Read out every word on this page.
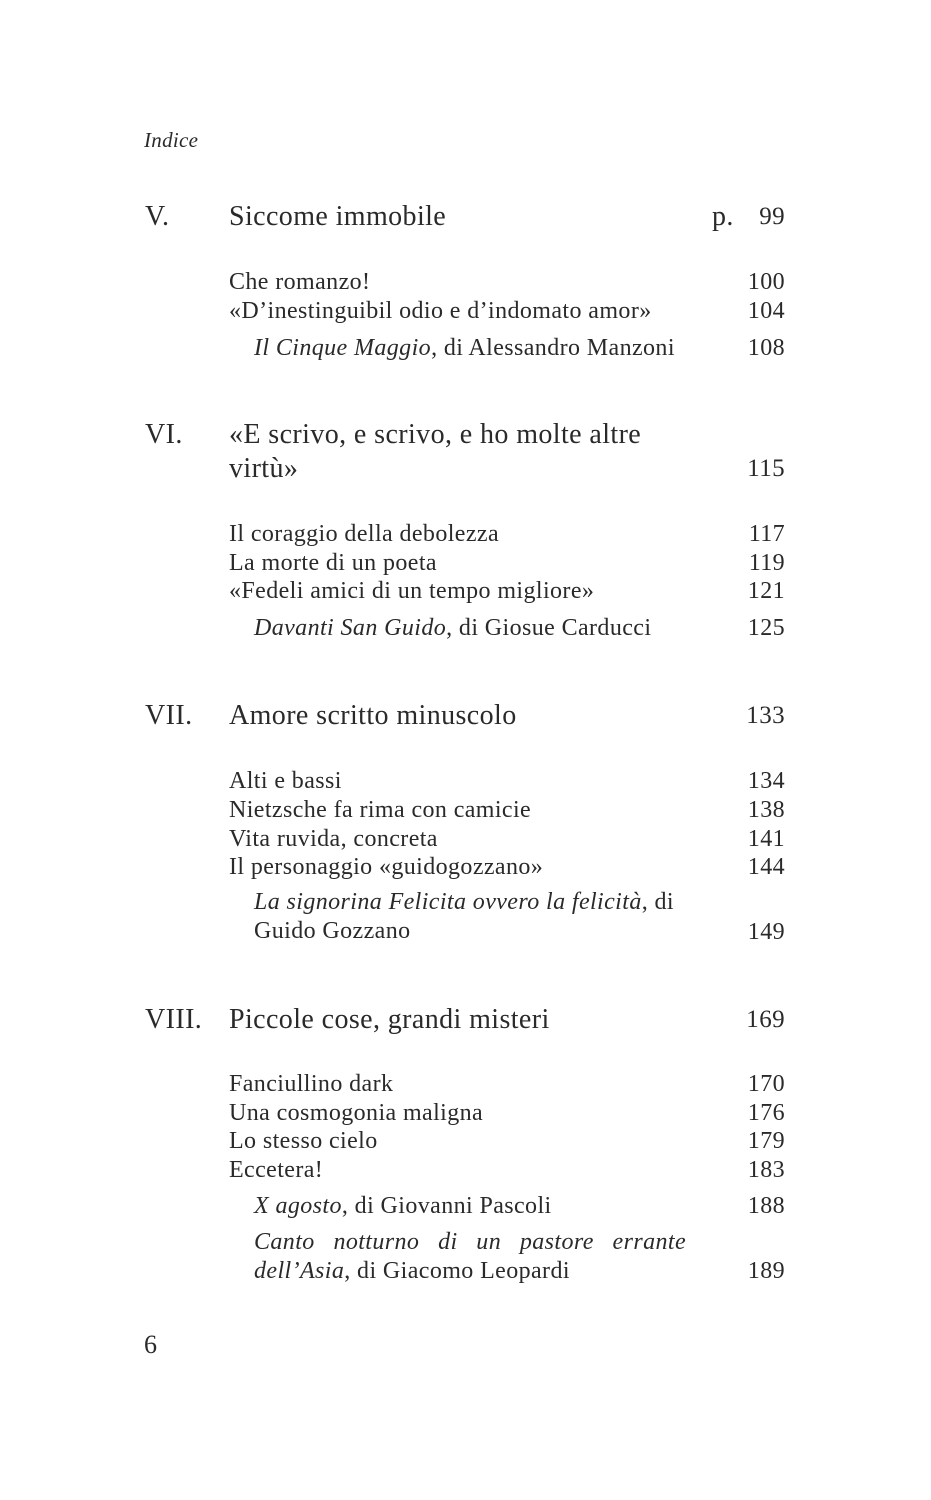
Indice
V. Siccome immobile	p. 99
Che romanzo!	100
«D’inestinguibil odio e d’indomato amor»	104
Il Cinque Maggio, di Alessandro Manzoni	108
VI. «E scrivo, e scrivo, e ho molte altre virtù»	115
Il coraggio della debolezza	117
La morte di un poeta	119
«Fedeli amici di un tempo migliore»	121
Davanti San Guido, di Giosue Carducci	125
VII. Amore scritto minuscolo	133
Alti e bassi	134
Nietzsche fa rima con camicie	138
Vita ruvida, concreta	141
Il personaggio «guidogozzano»	144
La signorina Felicita ovvero la felicità, di Guido Gozzano	149
VIII. Piccole cose, grandi misteri	169
Fanciullino dark	170
Una cosmogonia maligna	176
Lo stesso cielo	179
Eccetera!	183
X agosto, di Giovanni Pascoli	188
Canto notturno di un pastore errante dell’Asia, di Giacomo Leopardi	189
6
